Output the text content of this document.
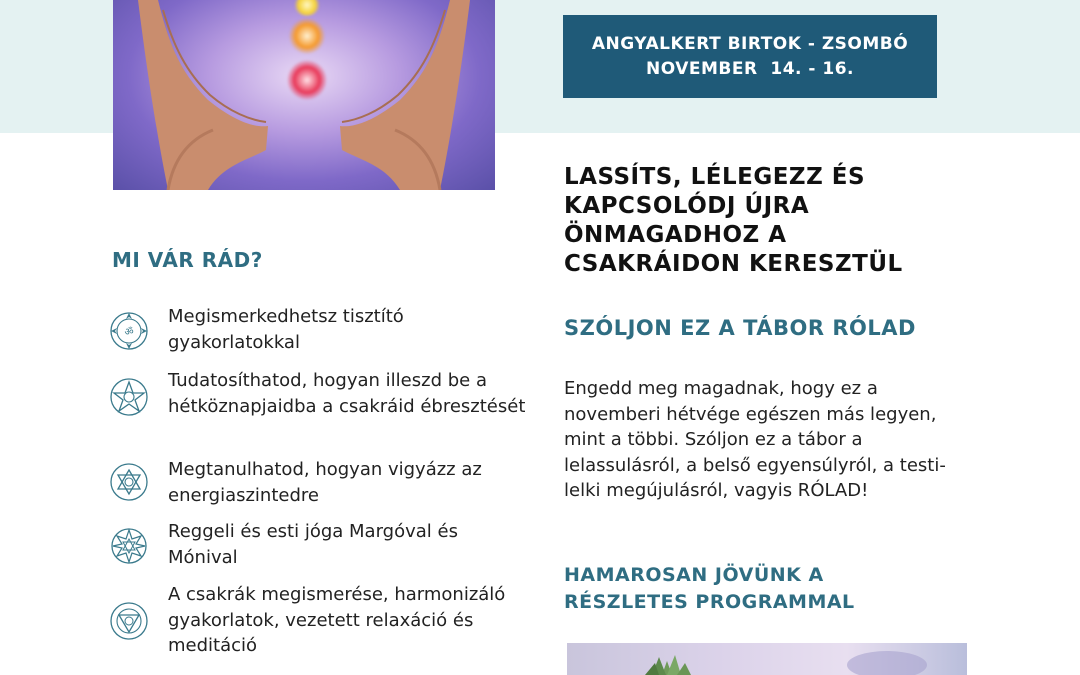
ANGYALKERT BIRTOK - ZSOMBÓ
NOVEMBER  14. - 16.
LASSÍTS, LÉLEGEZZ ÉS KAPCSOLÓDJ ÚJRA ÖNMAGADHOZ A CSAKRÁIDON KERESZTÜL
SZÓLJON EZ A TÁBOR RÓLAD
Engedd meg magadnak, hogy ez a novemberi hétvége egészen más legyen, mint a többi. Szóljon ez a tábor a lelassulásról, a belső egyensúlyról, a testi-lelki megújulásról, vagyis RÓLAD!
HAMAROSAN JÖVÜNK A RÉSZLETES PROGRAMMAL
MI VÁR RÁD?
ॐ
Megismerkedhetsz tisztító gyakorlatokkal
Tudatosíthatod, hogyan illeszd be a hétköznapjaidba a csakráid ébresztését
Megtanulhatod, hogyan vigyázz az energiaszintedre
Reggeli és esti jóga Margóval és Mónival
A csakrák megismerése, harmonizáló gyakorlatok, vezetett relaxáció és meditáció
